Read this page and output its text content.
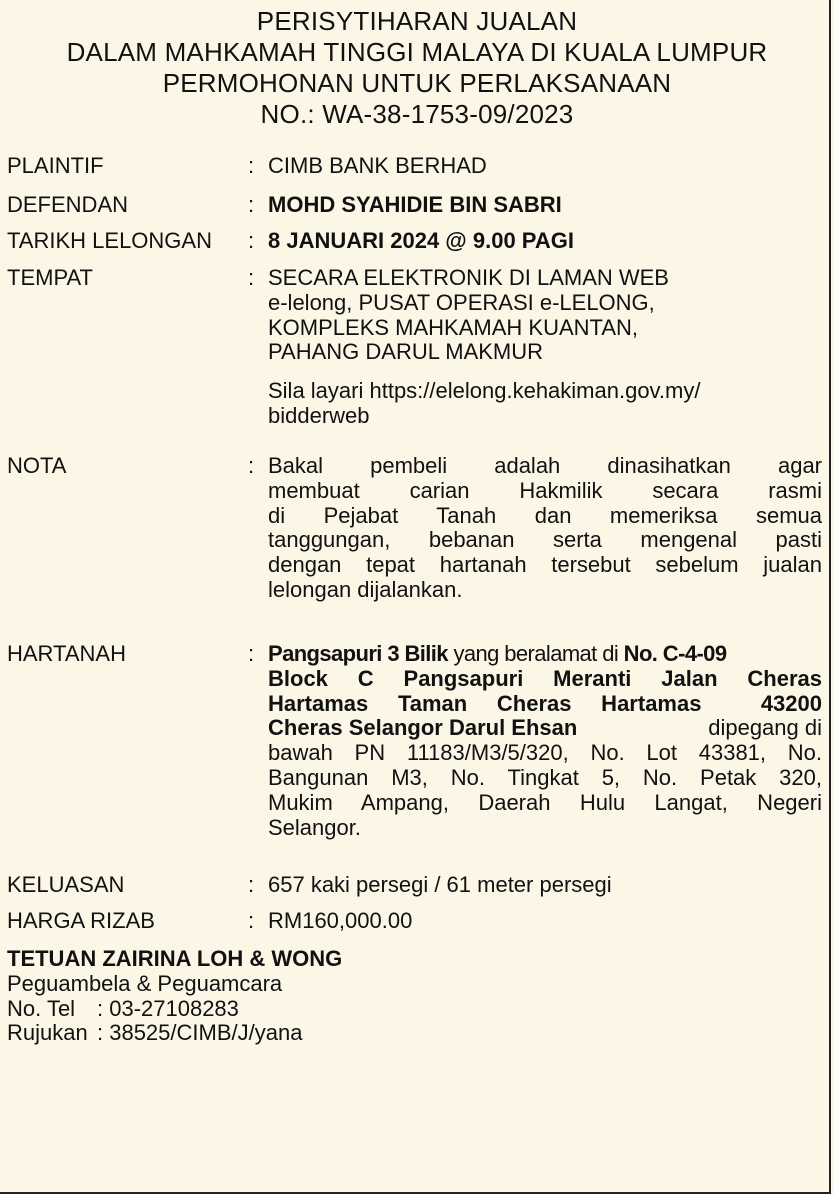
PERISYTIHARAN JUALAN
DALAM MAHKAMAH TINGGI MALAYA DI KUALA LUMPUR
PERMOHONAN UNTUK PERLAKSANAAN
NO.: WA-38-1753-09/2023
PLAINTIF	: CIMB BANK BERHAD
DEFENDAN	: MOHD SYAHIDIE BIN SABRI
TARIKH LELONGAN : 8 JANUARI 2024 @ 9.00 PAGI
TEMPAT	: SECARA ELEKTRONIK DI LAMAN WEB
e-lelong, PUSAT OPERASI e-LELONG,
KOMPLEKS MAHKAMAH KUANTAN,
PAHANG DARUL MAKMUR
Sila layari https://elelong.kehakiman.gov.my/
bidderweb
NOTA	: Bakal pembeli adalah dinasihatkan agar
membuat carian Hakmilik secara rasmi
di Pejabat Tanah dan memeriksa semua
tanggungan, bebanan serta mengenal pasti
dengan tepat hartanah tersebut sebelum jualan
lelongan dijalankan.
HARTANAH	: Pangsapuri 3 Bilik yang beralamat di No. C-4-09
Block C Pangsapuri Meranti Jalan Cheras
Hartamas Taman Cheras Hartamas  43200
Cheras Selangor Darul Ehsan	dipegang di
bawah PN 11183/M3/5/320, No. Lot 43381, No.
Bangunan M3, No. Tingkat 5, No. Petak 320,
Mukim Ampang, Daerah Hulu Langat, Negeri
Selangor.
KELUASAN	: 657 kaki persegi / 61 meter persegi
HARGA RIZAB	: RM160,000.00
TETUAN ZAIRINA LOH & WONG
Peguambela & Peguamcara
No. Tel : 03-27108283
Rujukan : 38525/CIMB/J/yana
